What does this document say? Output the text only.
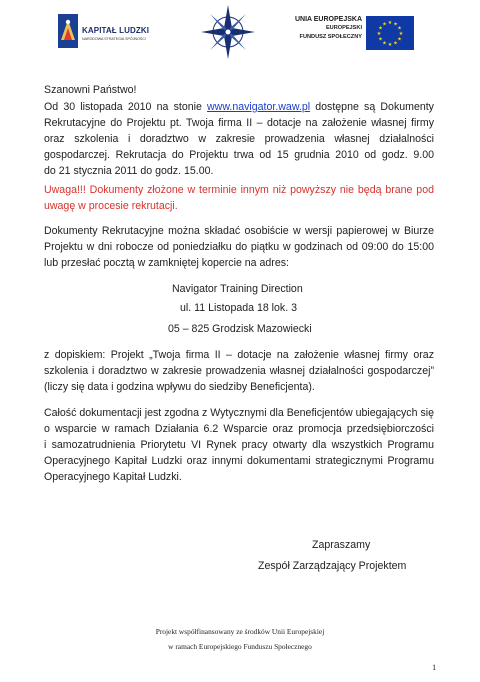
KAPITAŁ LUDZKI
NARODOWA STRATEGIA SPÓJNOŚCI
UNIA EUROPEJSKA
EUROPEJSKI
FUNDUSZ SPOŁECZNY
★ ★
★
★
★
★
★
★
★
★
★
★

Szanowni Państwo!

Od 30 listopada 2010 na stonie www.navigator.waw.pl dostępne są Dokumenty
Rekrutacyjne do Projektu pt. Twoja firma II – dotacje na założenie własnej firmy
oraz szkolenia i doradztwo w zakresie prowadzenia własnej działalności
gospodarczej. Rekrutacja do Projektu trwa od 15 grudnia 2010 od godz. 9.00
do 21 stycznia 2011 do godz. 15.00.
Uwaga!!! Dokumenty złożone w terminie innym niż powyższy nie będą brane pod
uwagę w procesie rekrutacji.
Dokumenty Rekrutacyjne można składać osobiście w wersji papierowej w Biurze
Projektu w dni robocze od poniedziałku do piątku w godzinach od 09:00 do 15:00
lub przesłać pocztą w zamkniętej kopercie na adres:
Navigator Training Direction
ul. 11 Listopada 18 lok. 3
05 – 825 Grodzisk Mazowiecki
z dopiskiem: Projekt „Twoja firma II – dotacje na założenie własnej firmy oraz
szkolenia i doradztwo w zakresie prowadzenia własnej działalności gospodarczej”
(liczy się data i godzina wpływu do siedziby Beneficjenta).
Całość dokumentacji jest zgodna z Wytycznymi dla Beneficjentów ubiegających się
o wsparcie w ramach Działania 6.2 Wsparcie oraz promocja przedsiębiorczości
i samozatrudnienia Priorytetu VI Rynek pracy otwarty dla wszystkich Programu
Operacyjnego Kapitał Ludzki oraz innymi dokumentami strategicznymi Programu
Operacyjnego Kapitał Ludzki.
Zapraszamy
Zespół Zarządzający Projektem
Projekt współfinansowany ze środków Unii Europejskiej
w ramach Europejskiego Funduszu Społecznego
1
